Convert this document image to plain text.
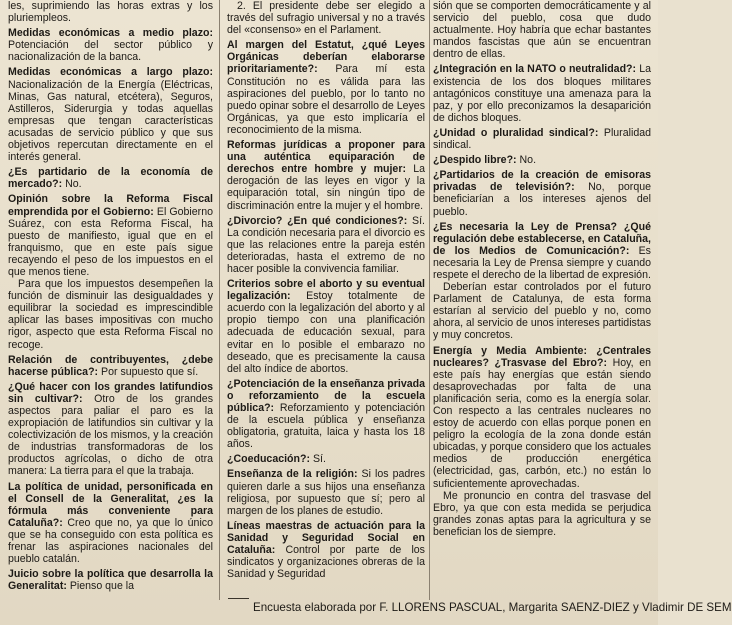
les, suprimiendo las horas extras y los pluriempleos.

Medidas económicas a medio plazo: Potenciación del sector público y nacionalización de la banca.

Medidas económicas a largo plazo: Nacionalización de la Energía (Eléctricas, Minas, Gas natural, etcétera), Seguros, Astilleros, Siderurgia y todas aquellas empresas que tengan características acusadas de servicio público y que sus objetivos repercutan directamente en el interés general.

¿Es partidario de la economía de mercado?: No.

Opinión sobre la Reforma Fiscal emprendida por el Gobierno: El Gobierno Suárez, con esta Reforma Fiscal, ha puesto de manifiesto, igual que en el franquismo, que en este país sigue recayendo el peso de los impuestos en el que menos tiene.

Para que los impuestos desempeñen la función de disminuir las desigualdades y equilibrar la sociedad es imprescindible aplicar las bases impositivas con mucho rigor, aspecto que esta Reforma Fiscal no recoge.

Relación de contribuyentes, ¿debe hacerse pública?: Por supuesto que sí.

¿Qué hacer con los grandes latifundios sin cultivar?: Otro de los grandes aspectos para paliar el paro es la expropiación de latifundios sin cultivar y la colectivización de los mismos, y la creación de industrias transformadoras de los productos agrícolas, o dicho de otra manera: La tierra para el que la trabaja.

La política de unidad, personificada en el Consell de la Generalitat, ¿es la fórmula más conveniente para Cataluña?: Creo que no, ya que lo único que se ha conseguido con esta política es frenar las aspiraciones nacionales del pueblo catalán.

Juicio sobre la política que desarrolla la Generalitat: Pienso que la

2. El presidente debe ser elegido a través del sufragio universal y no a través del «consenso» en el Parlament.

Al margen del Estatut, ¿qué Leyes Orgánicas deberían elaborarse prioritariamente?: Para mí esta Constitución no es válida para las aspiraciones del pueblo, por lo tanto no puedo opinar sobre el desarrollo de Leyes Orgánicas, ya que esto implicaría el reconocimiento de la misma.

Reformas jurídicas a proponer para una auténtica equiparación de derechos entre hombre y mujer: La derogación de las leyes en vigor y la equiparación total, sin ningún tipo de discriminación entre la mujer y el hombre.

¿Divorcio? ¿En qué condiciones?: Sí. La condición necesaria para el divorcio es que las relaciones entre la pareja estén deterioradas, hasta el extremo de no hacer posible la convivencia familiar.

Criterios sobre el aborto y su eventual legalización: Estoy totalmente de acuerdo con la legalización del aborto y al propio tiempo con una planificación adecuada de educación sexual, para evitar en lo posible el embarazo no deseado, que es precisamente la causa del alto índice de abortos.

¿Potenciación de la enseñanza privada o reforzamiento de la escuela pública?: Reforzamiento y potenciación de la escuela pública y enseñanza obligatoria, gratuita, laica y hasta los 18 años.

¿Coeducación?: Sí.

Enseñanza de la religión: Si los padres quieren darle a sus hijos una enseñanza religiosa, por supuesto que sí; pero al margen de los planes de estudio.

Líneas maestras de actuación para la Sanidad y Seguridad Social en Cataluña: Control por parte de los sindicatos y organizaciones obreras de la Sanidad y Seguridad

sión que se comporten democráticamente y al servicio del pueblo, cosa que dudo actualmente. Hoy habría que echar bastantes mandos fascistas que aún se encuentran dentro de ellas.

¿Integración en la NATO o neutralidad?: La existencia de los dos bloques militares antagónicos constituye una amenaza para la paz, y por ello preconizamos la desaparición de dichos bloques.

¿Unidad o pluralidad sindical?: Pluralidad sindical.

¿Despido libre?: No.

¿Partidarios de la creación de emisoras privadas de televisión?: No, porque beneficiarían a los intereses ajenos del pueblo.

¿Es necesaria la Ley de Prensa? ¿Qué regulación debe establecerse, en Cataluña, de los Medios de Comunicación?: Es necesaria la Ley de Prensa siempre y cuando respete el derecho de la libertad de expresión.

Deberían estar controlados por el futuro Parlament de Catalunya, de esta forma estarían al servicio del pueblo y no, como ahora, al servicio de unos intereses partidistas y muy concretos.

Energía y Media Ambiente: ¿Centrales nucleares? ¿Trasvase del Ebro?: Hoy, en este país hay energías que están siendo desaprovechadas por falta de una planificación seria, como es la energía solar. Con respecto a las centrales nucleares no estoy de acuerdo con ellas porque ponen en peligro la ecología de la zona donde están ubicadas, y porque considero que los actuales medios de producción energética (electricidad, gas, carbón, etc.) no están lo suficientemente aprovechadas.

Me pronuncio en contra del trasvase del Ebro, ya que con esta medida se perjudica grandes zonas aptas para la agricultura y se benefician los de siempre.

Encuesta elaborada por F. LLORENS PASCUAL, Margarita SAENZ-DIEZ y Vladimir DE SEM
